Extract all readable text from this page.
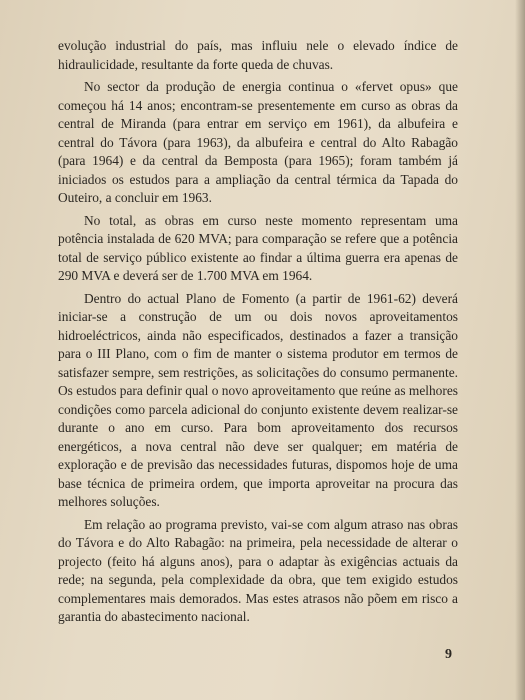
evolução industrial do país, mas influiu nele o elevado índice de hidraulicidade, resultante da forte queda de chuvas.

No sector da produção de energia continua o «fervet opus» que começou há 14 anos; encontram-se presentemente em curso as obras da central de Miranda (para entrar em serviço em 1961), da albufeira e central do Távora (para 1963), da albufeira e central do Alto Rabagão (para 1964) e da central da Bemposta (para 1965); foram também já iniciados os estudos para a ampliação da central térmica da Tapada do Outeiro, a concluir em 1963.

No total, as obras em curso neste momento representam uma potência instalada de 620 MVA; para comparação se refere que a potência total de serviço público existente ao findar a última guerra era apenas de 290 MVA e deverá ser de 1.700 MVA em 1964.

Dentro do actual Plano de Fomento (a partir de 1961-62) deverá iniciar-se a construção de um ou dois novos aproveitamentos hidroeléctricos, ainda não especificados, destinados a fazer a transição para o III Plano, com o fim de manter o sistema produtor em termos de satisfazer sempre, sem restrições, as solicitações do consumo permanente. Os estudos para definir qual o novo aproveitamento que reúne as melhores condições como parcela adicional do conjunto existente devem realizar-se durante o ano em curso. Para bom aproveitamento dos recursos energéticos, a nova central não deve ser qualquer; em matéria de exploração e de previsão das necessidades futuras, dispomos hoje de uma base técnica de primeira ordem, que importa aproveitar na procura das melhores soluções.

Em relação ao programa previsto, vai-se com algum atraso nas obras do Távora e do Alto Rabagão: na primeira, pela necessidade de alterar o projecto (feito há alguns anos), para o adaptar às exigências actuais da rede; na segunda, pela complexidade da obra, que tem exigido estudos complementares mais demorados. Mas estes atrasos não põem em risco a garantia do abastecimento nacional.

9
